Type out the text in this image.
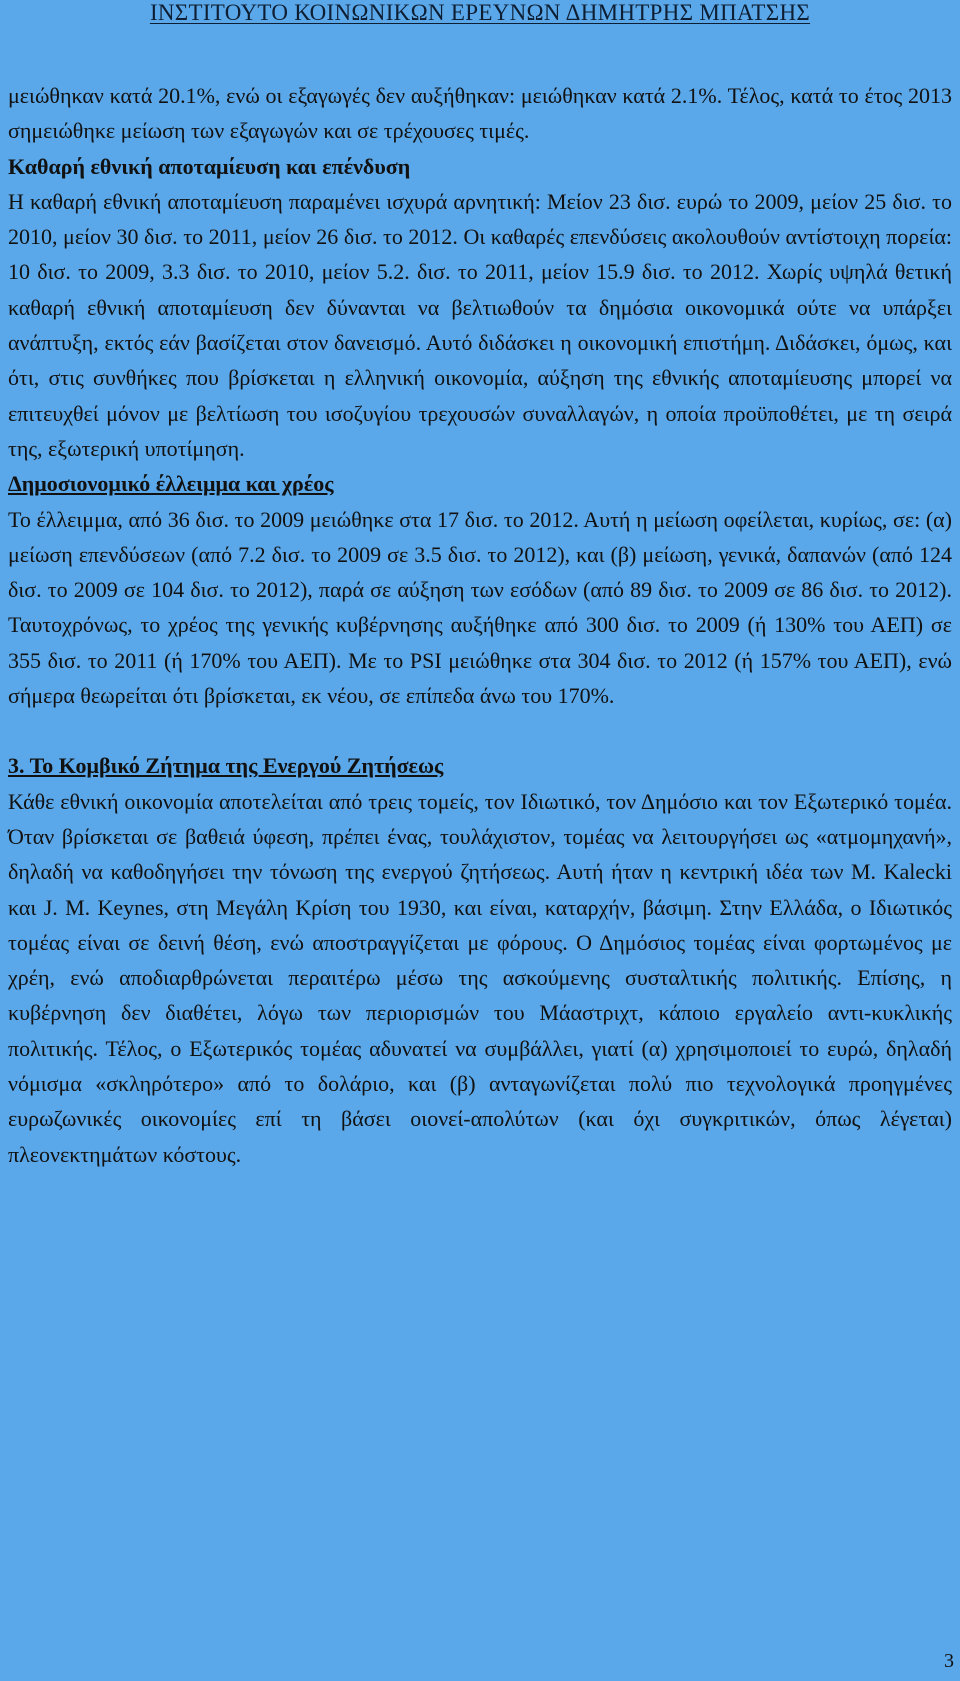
ΙΝΣΤΙΤΟΥΤΟ ΚΟΙΝΩΝΙΚΩΝ ΕΡΕΥΝΩΝ ΔΗΜΗΤΡΗΣ ΜΠΑΤΣΗΣ

μειώθηκαν κατά 20.1%, ενώ οι εξαγωγές δεν αυξήθηκαν: μειώθηκαν κατά 2.1%. Τέλος, κατά το έτος 2013 σημειώθηκε μείωση των εξαγωγών και σε τρέχουσες τιμές.

Καθαρή εθνική αποταμίευση και επένδυση

Η καθαρή εθνική αποταμίευση παραμένει ισχυρά αρνητική: Μείον 23 δισ. ευρώ το 2009, μείον 25 δισ. το 2010, μείον 30 δισ. το 2011, μείον 26 δισ. το 2012. Οι καθαρές επενδύσεις ακολουθούν αντίστοιχη πορεία: 10 δισ. το 2009, 3.3 δισ. το 2010, μείον 5.2. δισ. το 2011, μείον 15.9 δισ. το 2012. Χωρίς υψηλά θετική καθαρή εθνική αποταμίευση δεν δύνανται να βελτιωθούν τα δημόσια οικονομικά ούτε να υπάρξει ανάπτυξη, εκτός εάν βασίζεται στον δανεισμό. Αυτό διδάσκει η οικονομική επιστήμη. Διδάσκει, όμως, και ότι, στις συνθήκες που βρίσκεται η ελληνική οικονομία, αύξηση της εθνικής αποταμίευσης μπορεί να επιτευχθεί μόνον με βελτίωση του ισοζυγίου τρεχουσών συναλλαγών, η οποία προϋποθέτει, με τη σειρά της, εξωτερική υποτίμηση.

Δημοσιονομικό έλλειμμα και χρέος

Το έλλειμμα, από 36 δισ. το 2009 μειώθηκε στα 17 δισ. το 2012. Αυτή η μείωση οφείλεται, κυρίως, σε: (α) μείωση επενδύσεων (από 7.2 δισ. το 2009 σε 3.5 δισ. το 2012), και (β) μείωση, γενικά, δαπανών (από 124 δισ. το 2009 σε 104 δισ. το 2012), παρά σε αύξηση των εσόδων (από 89 δισ. το 2009 σε 86 δισ. το 2012). Ταυτοχρόνως, το χρέος της γενικής κυβέρνησης αυξήθηκε από 300 δισ. το 2009 (ή 130% του ΑΕΠ) σε 355 δισ. το 2011 (ή 170% του ΑΕΠ). Με το PSI μειώθηκε στα 304 δισ. το 2012 (ή 157% του ΑΕΠ), ενώ σήμερα θεωρείται ότι βρίσκεται, εκ νέου, σε επίπεδα άνω του 170%.

3. Το Κομβικό Ζήτημα της Ενεργού Ζητήσεως

Κάθε εθνική οικονομία αποτελείται από τρεις τομείς, τον Ιδιωτικό, τον Δημόσιο και τον Εξωτερικό τομέα. Όταν βρίσκεται σε βαθειά ύφεση, πρέπει ένας, τουλάχιστον, τομέας να λειτουργήσει ως «ατμομηχανή», δηλαδή να καθοδηγήσει την τόνωση της ενεργού ζητήσεως. Αυτή ήταν η κεντρική ιδέα των M. Kalecki και J. M. Keynes, στη Μεγάλη Κρίση του 1930, και είναι, καταρχήν, βάσιμη. Στην Ελλάδα, ο Ιδιωτικός τομέας είναι σε δεινή θέση, ενώ αποστραγγίζεται με φόρους. Ο Δημόσιος τομέας είναι φορτωμένος με χρέη, ενώ αποδιαρθρώνεται περαιτέρω μέσω της ασκούμενης συσταλτικής πολιτικής. Επίσης, η κυβέρνηση δεν διαθέτει, λόγω των περιορισμών του Μάαστριχτ, κάποιο εργαλείο αντι-κυκλικής πολιτικής. Τέλος, ο Εξωτερικός τομέας αδυνατεί να συμβάλλει, γιατί (α) χρησιμοποιεί το ευρώ, δηλαδή νόμισμα «σκληρότερο» από το δολάριο, και (β) ανταγωνίζεται πολύ πιο τεχνολογικά προηγμένες ευρωζωνικές οικονομίες επί τη βάσει οιονεί-απολύτων (και όχι συγκριτικών, όπως λέγεται) πλεονεκτημάτων κόστους.

3
